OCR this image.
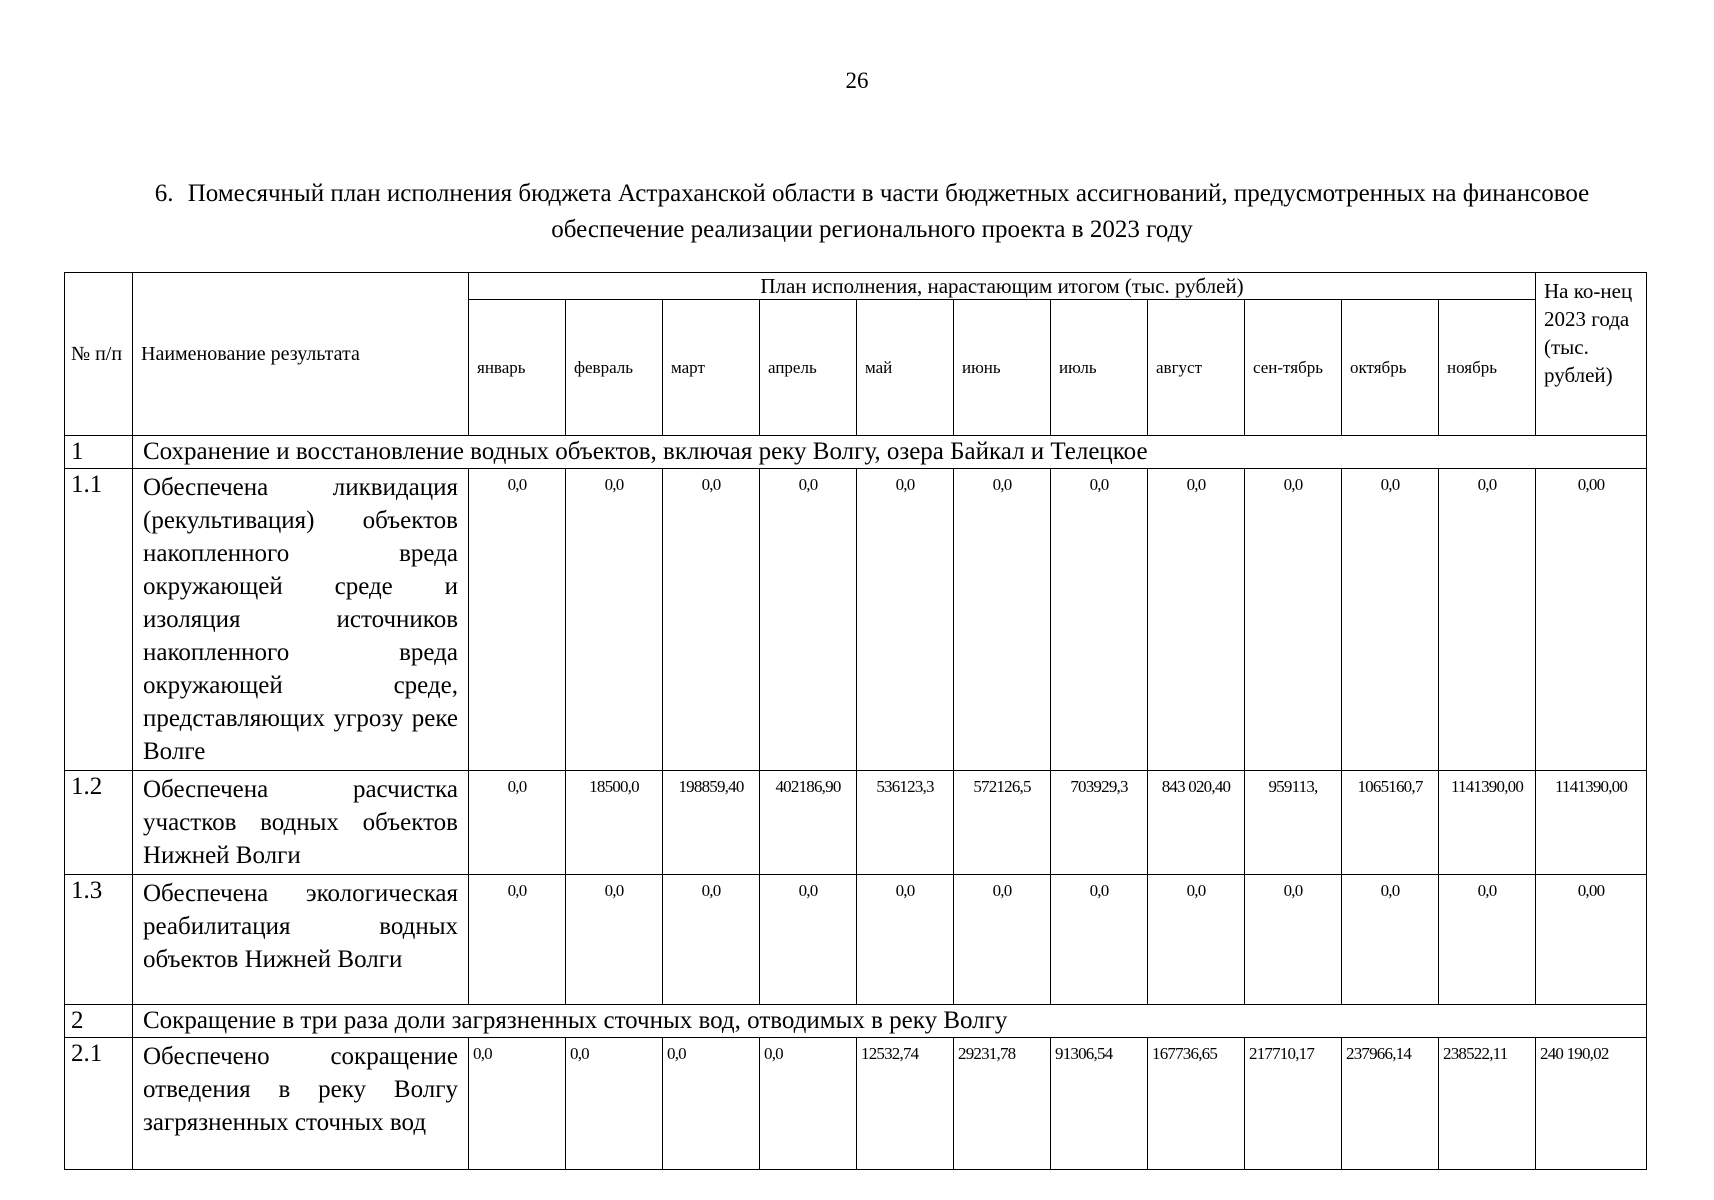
26
6. Помесячный план исполнения бюджета Астраханской области в части бюджетных ассигнований, предусмотренных на финансовое обеспечение реализации регионального проекта в 2023 году
№ п/п	Наименование результата	План исполнения, нарастающим итогом (тыс. рублей)											На ко-нец 2023 года (тыс. рублей)
		январь	февраль	март	апрель	май	июнь	июль	август	сен-тябрь	октябрь	ноябрь	
1	Сохранение и восстановление водных объектов, включая реку Волгу, озера Байкал и Телецкое												
1.1	Обеспечена ликвидация (рекультивация) объектов накопленного вреда окружающей среде и изоляция источников накопленного вреда окружающей среде, представляющих угрозу реке Волге	0,0	0,0	0,0	0,0	0,0	0,0	0,0	0,0	0,0	0,0	0,0	0,00
1.2	Обеспечена расчистка участков водных объектов Нижней Волги	0,0	18500,0	198859,40	402186,90	536123,3	572126,5	703929,3	843 020,40	959113,	1065160,7	1141390,00	1141390,00
1.3	Обеспечена экологическая реабилитация водных объектов Нижней Волги	0,0	0,0	0,0	0,0	0,0	0,0	0,0	0,0	0,0	0,0	0,0	0,00
2	Сокращение в три раза доли загрязненных сточных вод, отводимых в реку Волгу												
2.1	Обеспечено сокращение отведения в реку Волгу загрязненных сточных вод	0,0	0,0	0,0	0,0	12532,74	29231,78	91306,54	167736,65	217710,17	237966,14	238522,11	240 190,02
